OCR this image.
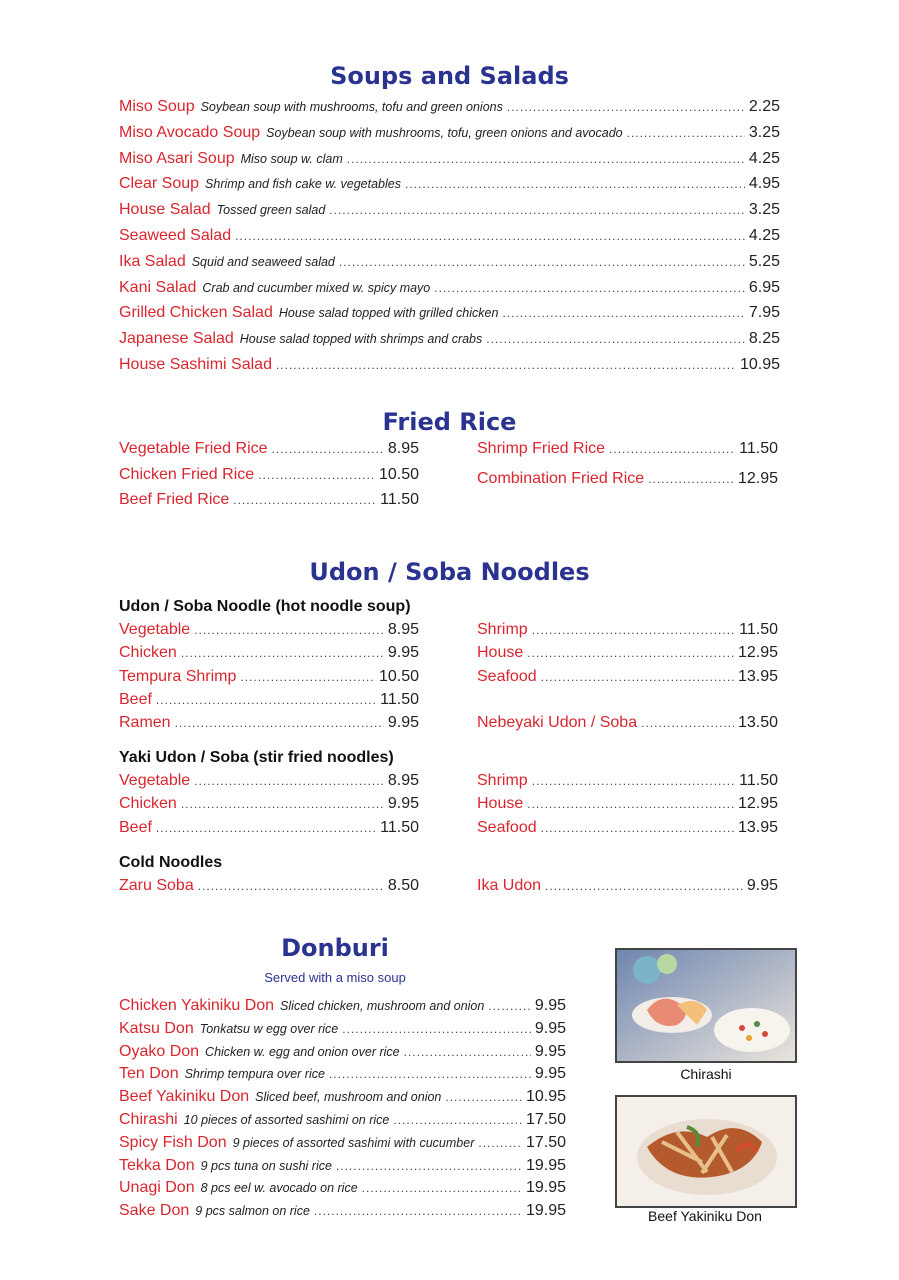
Soups and Salads
Fried Rice
Udon / Soba Noodles
Donburi
Served with a miso soup
Udon / Soba Noodle (hot noodle soup)
Yaki Udon / Soba (stir fried noodles)
Cold Noodles
Miso Soup Soybean soup with mushrooms, tofu and green onions .....	2.25
Miso Avocado Soup Soybean soup with mushrooms, tofu, green onions and avocado .....	3.25
Miso Asari Soup Miso soup w. clam .....	4.25
Clear Soup Shrimp and fish cake w. vegetables .....	4.95
House Salad Tossed green salad .....	3.25
Seaweed Salad .....	4.25
Ika Salad Squid and seaweed salad .....	5.25
Kani Salad Crab and cucumber mixed w. spicy mayo .....	6.95
Grilled Chicken Salad House salad topped with grilled chicken .....	7.95
Japanese Salad House salad topped with shrimps and crabs .....	8.25
House Sashimi Salad .....	10.95
Vegetable Fried Rice .....	8.95
Chicken Fried Rice .....	10.50
Beef Fried Rice .....	11.50
Shrimp Fried Rice .....	11.50
Combination Fried Rice .....	12.95
Vegetable .....	8.95
Chicken .....	9.95
Tempura Shrimp .....	10.50
Beef .....	11.50
Ramen .....	9.95
Shrimp .....	11.50
House .....	12.95
Seafood .....	13.95
Nebeyaki Udon / Soba .....	13.50
Vegetable .....	8.95
Chicken .....	9.95
Beef .....	11.50
Shrimp .....	11.50
House .....	12.95
Seafood .....	13.95
Zaru Soba .....	8.50	Ika Udon .....	9.95
Chicken Yakiniku Don Sliced chicken, mushroom and onion .....	9.95
Katsu Don Tonkatsu w egg over rice .....	9.95
Oyako Don Chicken w. egg and onion over rice .....	9.95
Ten Don Shrimp tempura over rice .....	9.95
Beef Yakiniku Don Sliced beef, mushroom and onion .....	10.95
Chirashi 10 pieces of assorted sashimi on rice .....	17.50
Spicy Fish Don 9 pieces of assorted sashimi with cucumber .....	17.50
Tekka Don 9 pcs tuna on sushi rice .....	19.95
Unagi Don 8 pcs eel w. avocado on rice .....	19.95
Sake Don 9 pcs salmon on rice .....	19.95
Chirashi
Beef Yakiniku Don
